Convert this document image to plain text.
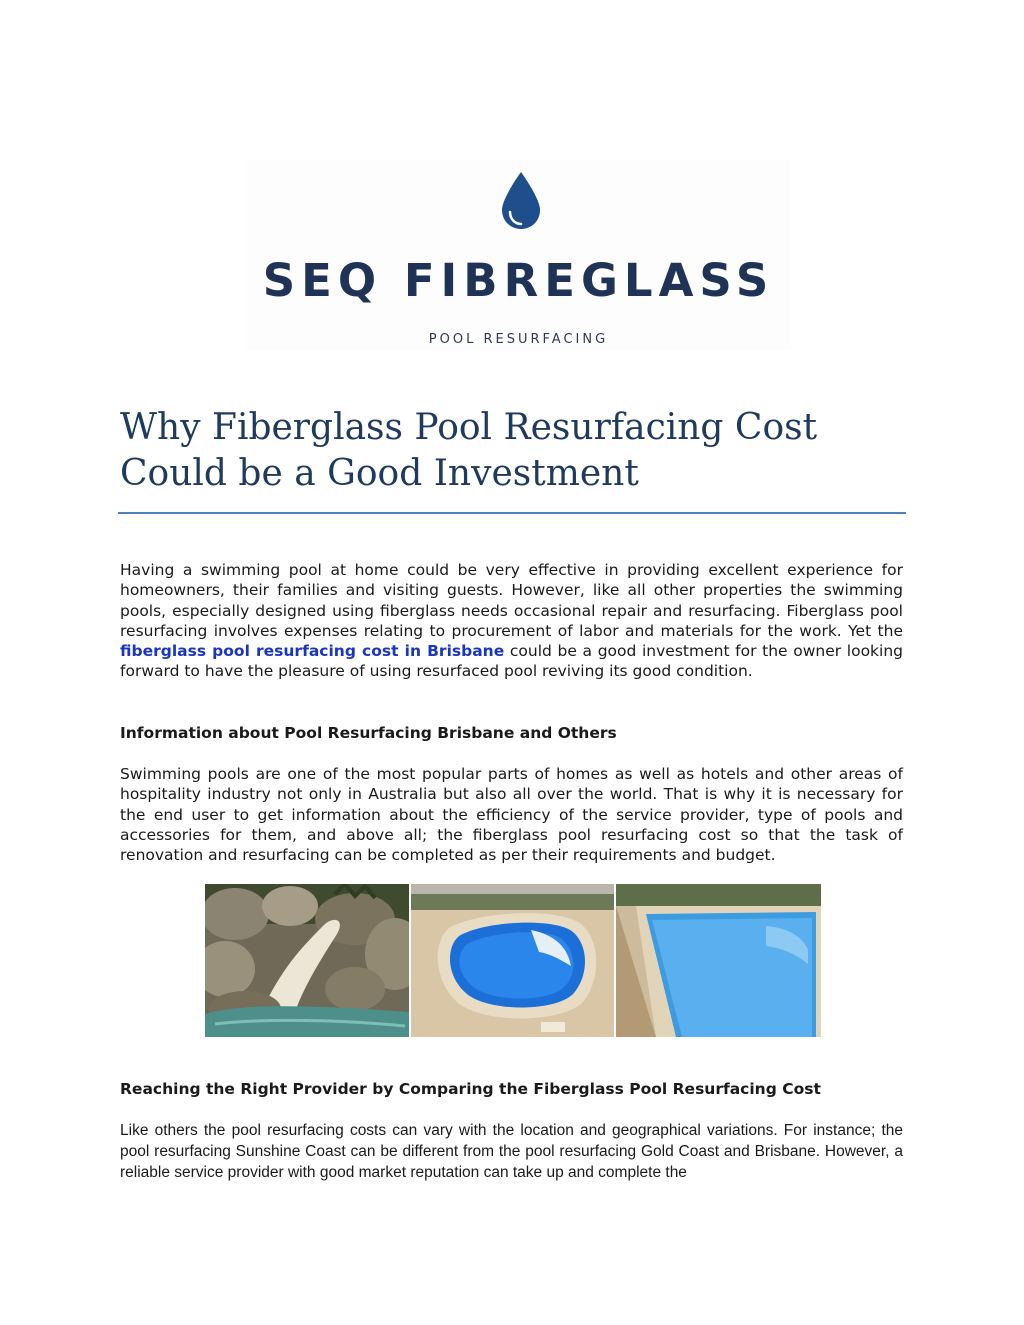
SEQ FIBREGLASS
POOL RESURFACING
Why Fiberglass Pool Resurfacing Cost Could be a Good Investment

Having a swimming pool at home could be very effective in providing excellent experience for homeowners, their families and visiting guests. However, like all other properties the swimming pools, especially designed using fiberglass needs occasional repair and resurfacing. Fiberglass pool resurfacing involves expenses relating to procurement of labor and materials for the work. Yet the fiberglass pool resurfacing cost in Brisbane could be a good investment for the owner looking forward to have the pleasure of using resurfaced pool reviving its good condition.

Information about Pool Resurfacing Brisbane and Others

Swimming pools are one of the most popular parts of homes as well as hotels and other areas of hospitality industry not only in Australia but also all over the world. That is why it is necessary for the end user to get information about the efficiency of the service provider, type of pools and accessories for them, and above all; the fiberglass pool resurfacing cost so that the task of renovation and resurfacing can be completed as per their requirements and budget.

Reaching the Right Provider by Comparing the Fiberglass Pool Resurfacing Cost

Like others the pool resurfacing costs can vary with the location and geographical variations. For instance; the pool resurfacing Sunshine Coast can be different from the pool resurfacing Gold Coast and Brisbane. However, a reliable service provider with good market reputation can take up and complete the
